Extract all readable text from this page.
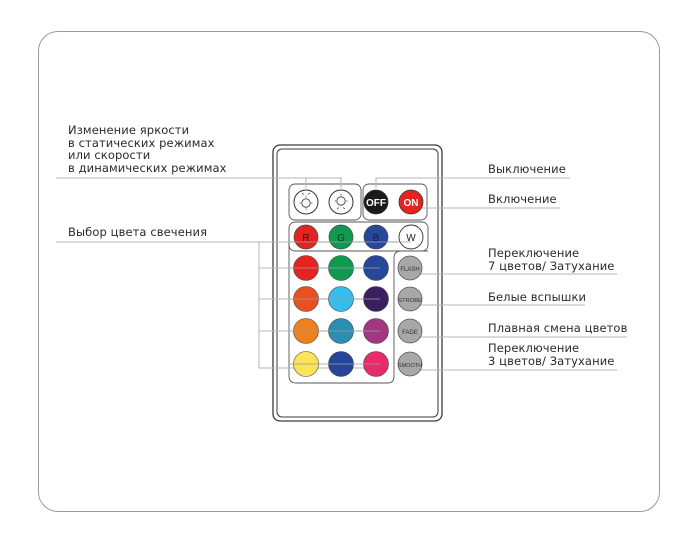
Изменение яркости
в статических режимах
или скорости
в динамических режимах
Выбор цвета свечения
Выключение
Включение
Переключение
7 цветов/ Затухание
Белые вспышки
Плавная смена цветов
Переключение
3 цветов/ Затухание
OFF ON
R	G	B	W
FLASH
STROBE
FADE
SMOOTH
